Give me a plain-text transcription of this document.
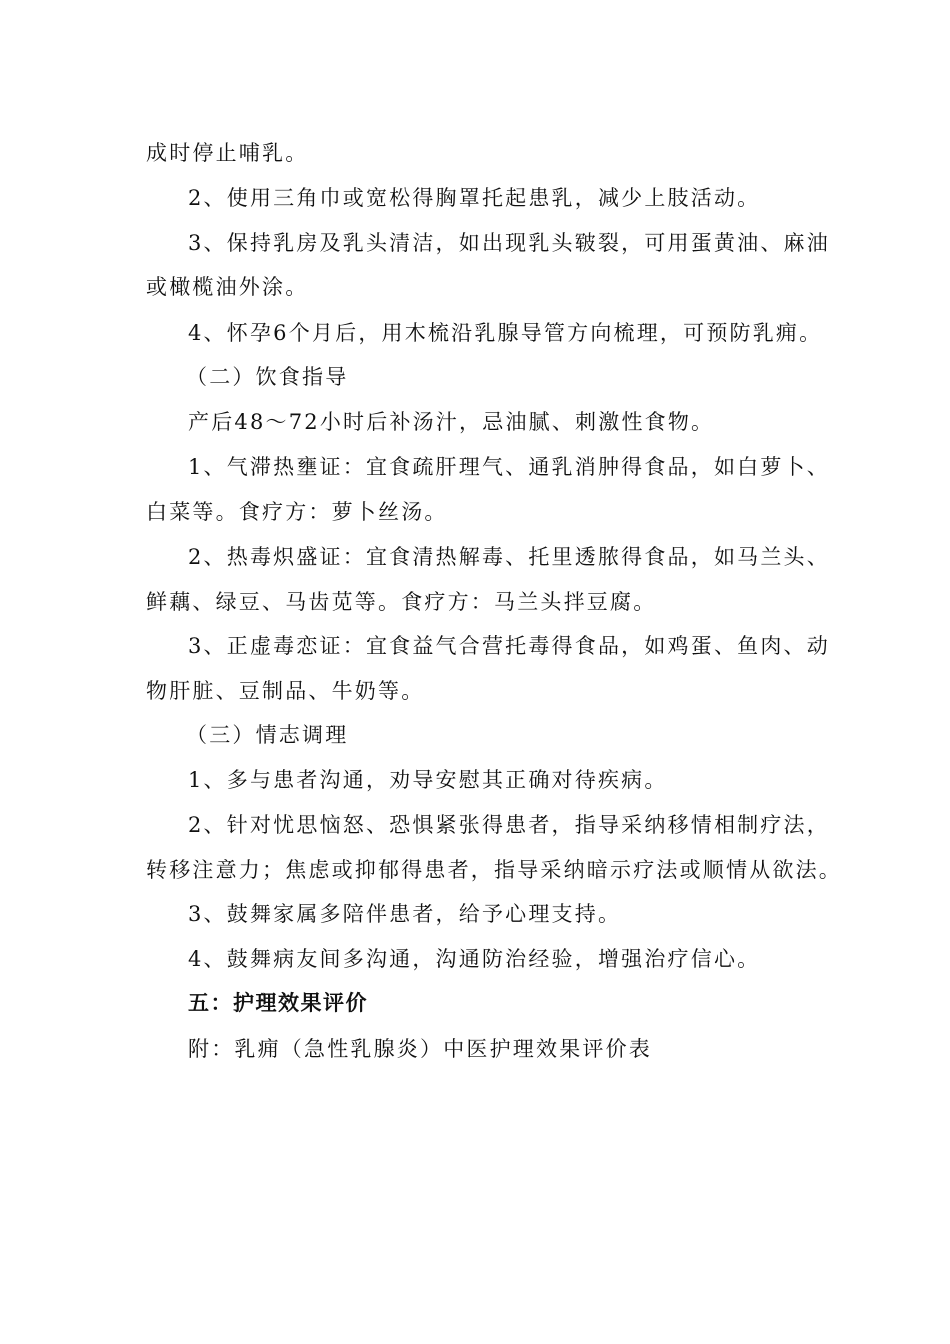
成时停止哺乳。
2、使用三角巾或宽松得胸罩托起患乳，减少上肢活动。
3、保持乳房及乳头清洁，如出现乳头皲裂，可用蛋黄油、麻油
或橄榄油外涂。
4、怀孕6个月后，用木梳沿乳腺导管方向梳理，可预防乳痈。
（二）饮食指导
产后48～72小时后补汤汁，忌油腻、刺激性食物。
1、气滞热壅证：宜食疏肝理气、通乳消肿得食品，如白萝卜、
白菜等。食疗方：萝卜丝汤。
2、热毒炽盛证：宜食清热解毒、托里透脓得食品，如马兰头、
鲜藕、绿豆、马齿苋等。食疗方：马兰头拌豆腐。
3、正虚毒恋证：宜食益气合营托毒得食品，如鸡蛋、鱼肉、动
物肝脏、豆制品、牛奶等。
（三）情志调理
1、多与患者沟通，劝导安慰其正确对待疾病。
2、针对忧思恼怒、恐惧紧张得患者，指导采纳移情相制疗法，
转移注意力；焦虑或抑郁得患者，指导采纳暗示疗法或顺情从欲法。
3、鼓舞家属多陪伴患者，给予心理支持。
4、鼓舞病友间多沟通，沟通防治经验，增强治疗信心。
五：护理效果评价
附：乳痈（急性乳腺炎）中医护理效果评价表
